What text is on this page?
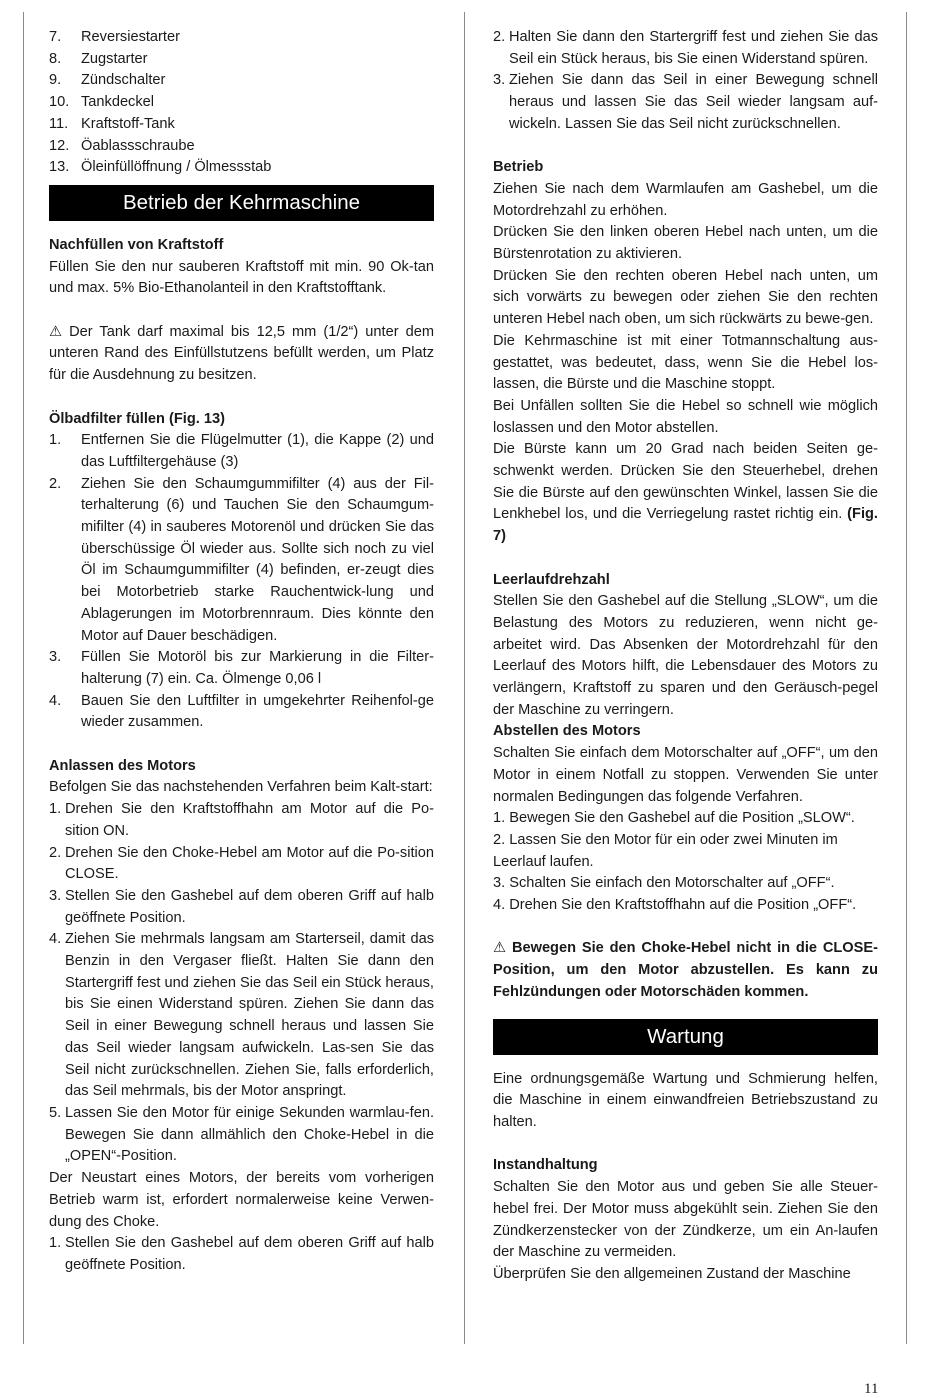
7. Reversiestarter
8. Zugstarter
9. Zündschalter
10. Tankdeckel
11. Kraftstoff-Tank
12. Öablassschraube
13. Öleinfüllöffnung / Ölmessstab
Betrieb der Kehrmaschine
Nachfüllen von Kraftstoff
Füllen Sie den nur sauberen Kraftstoff mit min. 90 Ok-tan und max. 5% Bio-Ethanolanteil in den Kraftstofftank.
⚠ Der Tank darf maximal bis 12,5 mm (1/2“) unter dem unteren Rand des Einfüllstutzens befüllt werden, um Platz für die Ausdehnung zu besitzen.
Ölbadfilter füllen (Fig. 13)
1. Entfernen Sie die Flügelmutter (1), die Kappe (2) und das Luftfiltergehäuse (3)
2. Ziehen Sie den Schaumgummifilter (4) aus der Fil-terhalterung (6) und Tauchen Sie den Schaumgum-mifilter (4) in sauberes Motorenöl und drücken Sie das überschüssige Öl wieder aus. Sollte sich noch zu viel Öl im Schaumgummifilter (4) befinden, er-zeugt dies bei Motorbetrieb starke Rauchentwick-lung und Ablagerungen im Motorbrennraum. Dies könnte den Motor auf Dauer beschädigen.
3. Füllen Sie Motoröl bis zur Markierung in die Filter-halterung (7) ein. Ca. Ölmenge 0,06 l
4. Bauen Sie den Luftfilter in umgekehrter Reihenfol-ge wieder zusammen.
Anlassen des Motors
Befolgen Sie das nachstehenden Verfahren beim Kalt-start:
1. Drehen Sie den Kraftstoffhahn am Motor auf die Po-sition ON.
2. Drehen Sie den Choke-Hebel am Motor auf die Po-sition CLOSE.
3. Stellen Sie den Gashebel auf dem oberen Griff auf halb geöffnete Position.
4. Ziehen Sie mehrmals langsam am Starterseil, damit das Benzin in den Vergaser fließt. Halten Sie dann den Startergriff fest und ziehen Sie das Seil ein Stück heraus, bis Sie einen Widerstand spüren. Ziehen Sie dann das Seil in einer Bewegung schnell heraus und lassen Sie das Seil wieder langsam aufwickeln. Las-sen Sie das Seil nicht zurückschnellen. Ziehen Sie, falls erforderlich, das Seil mehrmals, bis der Motor anspringt.
5. Lassen Sie den Motor für einige Sekunden warmlau-fen. Bewegen Sie dann allmählich den Choke-Hebel in die „OPEN“-Position.
Der Neustart eines Motors, der bereits vom vorherigen Betrieb warm ist, erfordert normalerweise keine Verwen-dung des Choke.
1. Stellen Sie den Gashebel auf dem oberen Griff auf halb geöffnete Position.
2. Halten Sie dann den Startergriff fest und ziehen Sie das Seil ein Stück heraus, bis Sie einen Widerstand spüren.
3. Ziehen Sie dann das Seil in einer Bewegung schnell heraus und lassen Sie das Seil wieder langsam auf-wickeln. Lassen Sie das Seil nicht zurückschnellen.
Betrieb
Ziehen Sie nach dem Warmlaufen am Gashebel, um die Motordrehzahl zu erhöhen.
Drücken Sie den linken oberen Hebel nach unten, um die Bürstenrotation zu aktivieren.
Drücken Sie den rechten oberen Hebel nach unten, um sich vorwärts zu bewegen oder ziehen Sie den rechten unteren Hebel nach oben, um sich rückwärts zu bewe-gen.
Die Kehrmaschine ist mit einer Totmannschaltung aus-gestattet, was bedeutet, dass, wenn Sie die Hebel los-lassen, die Bürste und die Maschine stoppt.
Bei Unfällen sollten Sie die Hebel so schnell wie möglich loslassen und den Motor abstellen.
Die Bürste kann um 20 Grad nach beiden Seiten ge-schwenkt werden. Drücken Sie den Steuerhebel, drehen Sie die Bürste auf den gewünschten Winkel, lassen Sie die Lenkhebel los, und die Verriegelung rastet richtig ein. (Fig. 7)
Leerlaufdrehzahl
Stellen Sie den Gashebel auf die Stellung „SLOW“, um die Belastung des Motors zu reduzieren, wenn nicht ge-arbeitet wird. Das Absenken der Motordrehzahl für den Leerlauf des Motors hilft, die Lebensdauer des Motors zu verlängern, Kraftstoff zu sparen und den Geräusch-pegel der Maschine zu verringern.
Abstellen des Motors
Schalten Sie einfach dem Motorschalter auf „OFF“, um den Motor in einem Notfall zu stoppen. Verwenden Sie unter normalen Bedingungen das folgende Verfahren.
1. Bewegen Sie den Gashebel auf die Position „SLOW“.
2. Lassen Sie den Motor für ein oder zwei Minuten im Leerlauf laufen.
3. Schalten Sie einfach den Motorschalter auf „OFF“.
4. Drehen Sie den Kraftstoffhahn auf die Position „OFF“.
⚠ Bewegen Sie den Choke-Hebel nicht in die CLOSE-Position, um den Motor abzustellen. Es kann zu Fehlzündungen oder Motorschäden kommen.
Wartung
Eine ordnungsgemäße Wartung und Schmierung helfen, die Maschine in einem einwandfreien Betriebszustand zu halten.
Instandhaltung
Schalten Sie den Motor aus und geben Sie alle Steuer-hebel frei. Der Motor muss abgekühlt sein. Ziehen Sie den Zündkerzenstecker von der Zündkerze, um ein An-laufen der Maschine zu vermeiden.
Überprüfen Sie den allgemeinen Zustand der Maschine
11
